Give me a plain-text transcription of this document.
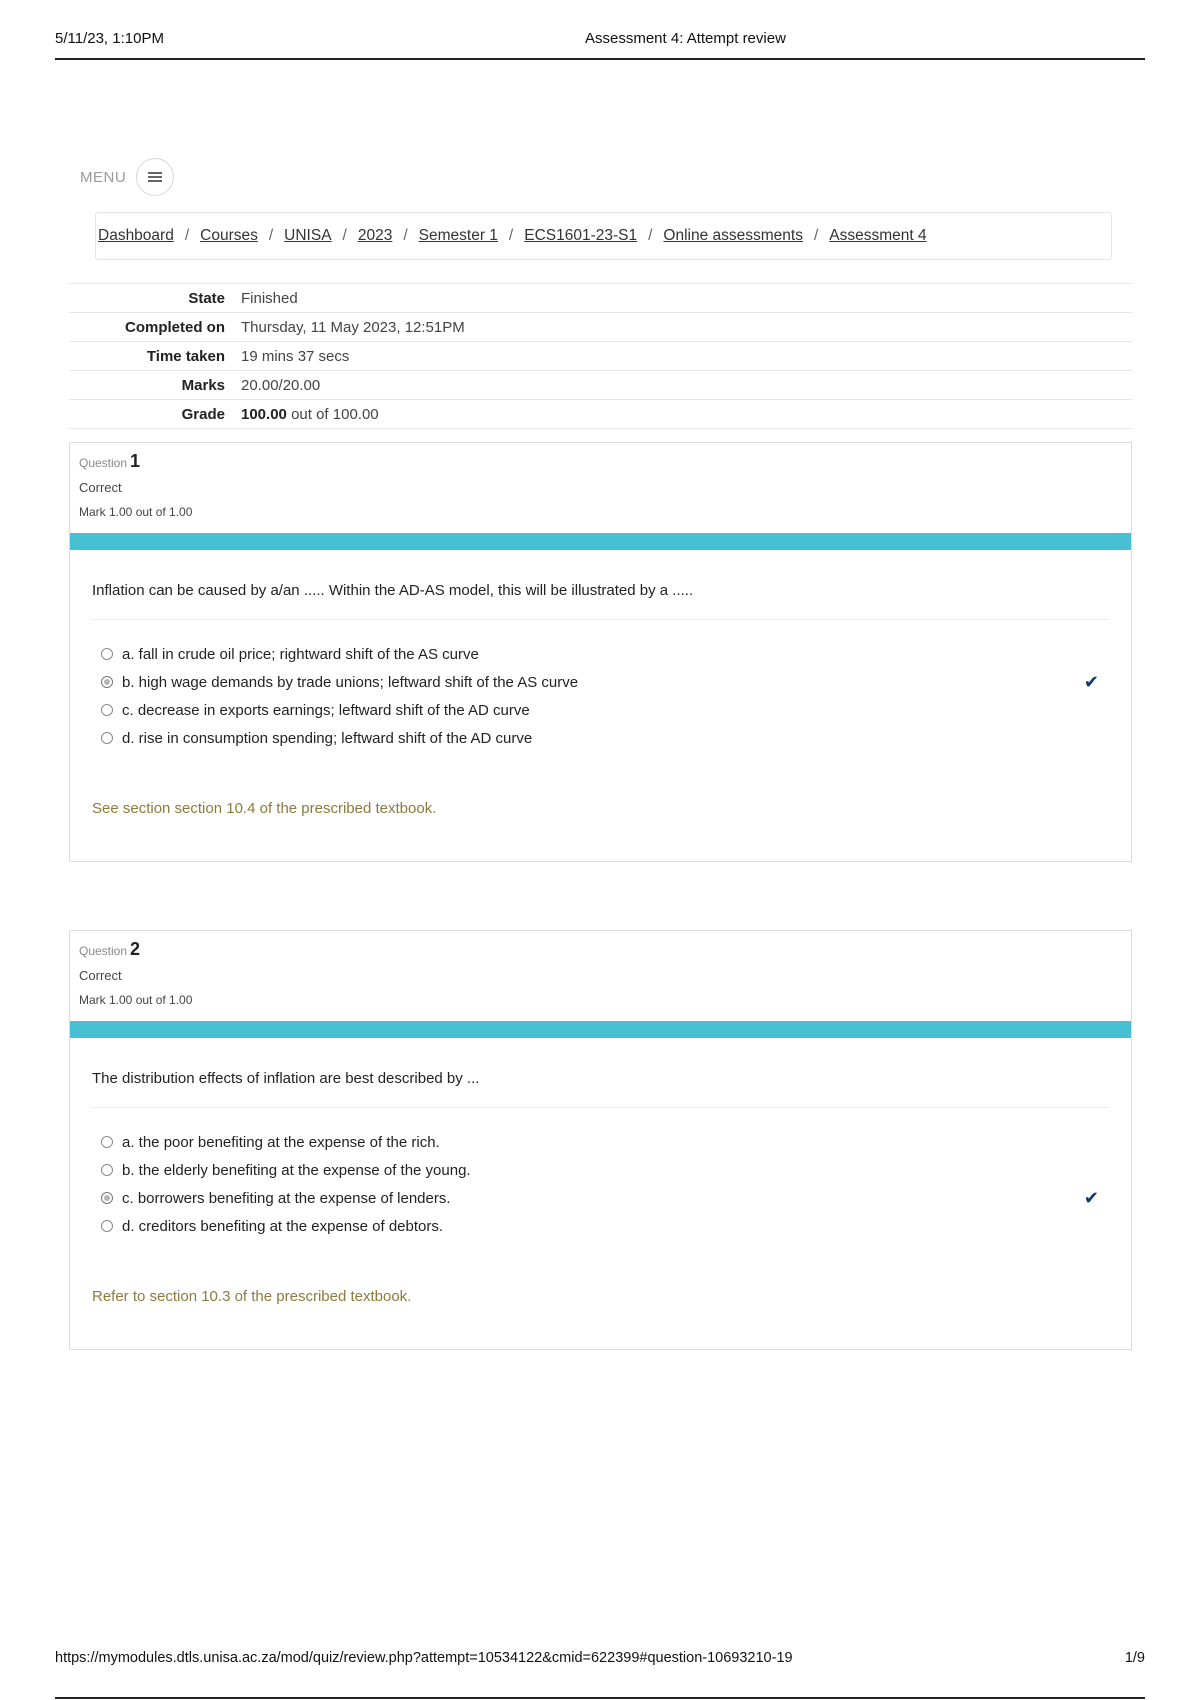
5/11/23, 1:10PM	Assessment 4: Attempt review
MENU
Dashboard / Courses / UNISA / 2023 / Semester 1 / ECS1601-23-S1 / Online assessments / Assessment 4
State	Finished
Completed on	Thursday, 11 May 2023, 12:51PM
Time taken	19 mins 37 secs
Marks	20.00/20.00
Grade	100.00 out of 100.00
Question 1
Correct
Mark 1.00 out of 1.00
Inflation can be caused by a/an ..... Within the AD-AS model, this will be illustrated by a .....
a. fall in crude oil price; rightward shift of the AS curve
b. high wage demands by trade unions; leftward shift of the AS curve	✔
c. decrease in exports earnings; leftward shift of the AD curve
d. rise in consumption spending; leftward shift of the AD curve
See section section 10.4 of the prescribed textbook.
Question 2
Correct
Mark 1.00 out of 1.00
The distribution effects of inflation are best described by ...
a. the poor benefiting at the expense of the rich.
b. the elderly benefiting at the expense of the young.
c. borrowers benefiting at the expense of lenders.	✔
d. creditors benefiting at the expense of debtors.
Refer to section 10.3 of the prescribed textbook.
https://mymodules.dtls.unisa.ac.za/mod/quiz/review.php?attempt=10534122&cmid=622399#question-10693210-19	1/9
